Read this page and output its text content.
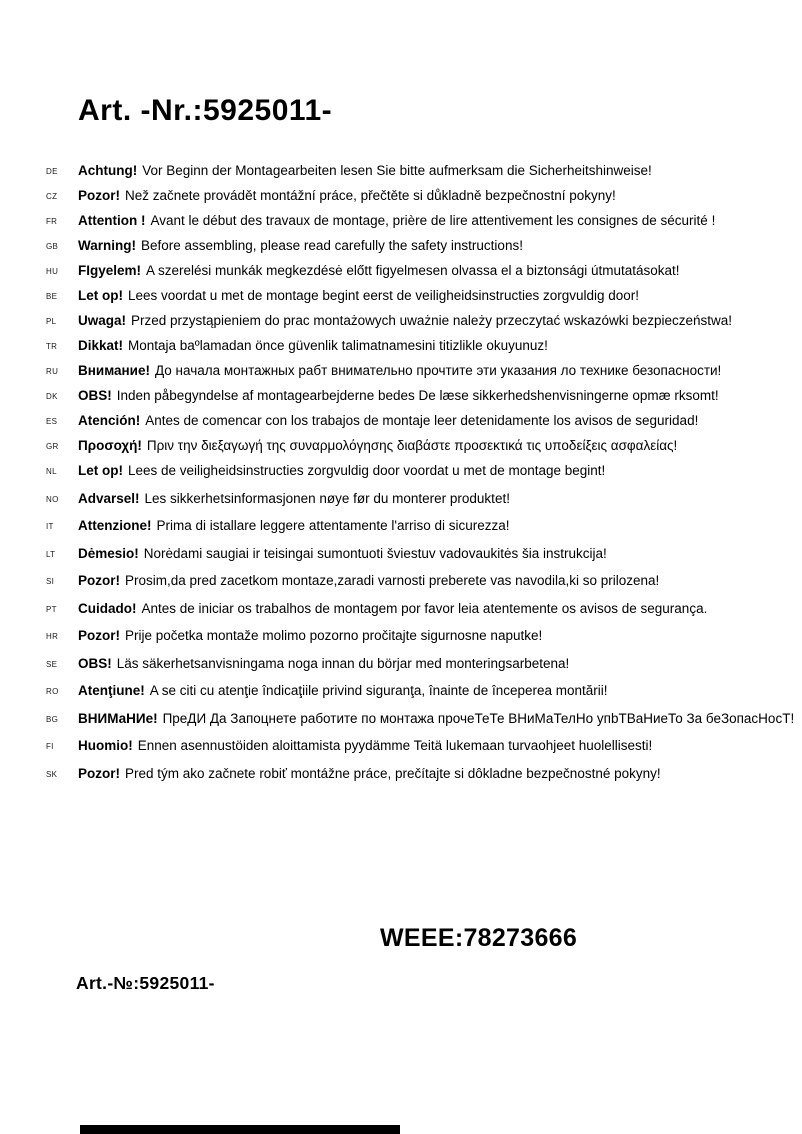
Art. -Nr.:5925011-
DE	Achtung! Vor Beginn der Montagearbeiten lesen Sie bitte aufmerksam die Sicherheitshinweise!
CZ	Pozor! Než začnete provádět montážní práce, přečtěte si důkladně bezpečnostní pokyny!
FR	Attention ! Avant le début des travaux de montage, prière de lire attentivement les consignes de sécurité !
GB	Warning! Before assembling, please read carefully the safety instructions!
HU	FIgyelem! A szerelési munkák megkezdésė előtt figyelmesen olvassa el a biztonsági útmutatásokat!
BE	Let op! Lees voordat u met de montage begint eerst de veiligheidsinstructies zorgvuldig door!
PL	Uwaga! Przed przystąpieniem do prac montażowych uważnie należy przeczytać wskazówki bezpieczeństwa!
TR	Dikkat! Montaja baºlamadan önce güvenlik talimatnamesini titizlikle okuyunuz!
RU	Внимание! До начала монтажных рабт внимательно прочтите эти указания ло технике безопасности!
DK	OBS! Inden påbegyndelse af montagearbejderne bedes De læse sikkerhedshenvisningerne opmæ rksomt!
ES	Atención! Antes de comencar con los trabajos de montaje leer detenidamente los avisos de seguridad!
GR	Προσοχή! Πριν την διεξαγωγή της συναρμολόγησης διαβάστε προσεκτικά τις υποδείξεις ασφαλείας!
NL	Let op! Lees de veiligheidsinstructies zorgvuldig door voordat u met de montage begint!
NO	Advarsel! Les sikkerhetsinformasjonen nøye før du monterer produktet!
IT	Attenzione! Prima di istallare leggere attentamente l'arriso di sicurezza!
LT	Dėmesio! Norėdami saugiai ir teisingai sumontuoti šviestuv vadovaukitės šia instrukcija!
SI	Pozor! Prosim,da pred zacetkom montaze,zaradi varnosti preberete vas navodila,ki so prilozena!
PT	Cuidado! Antes de iniciar os trabalhos de montagem por favor leia atentemente os avisos de segurança.
HR	Pozor! Prije početka montaže molimo pozorno pročitajte sigurnosne naputke!
SE	OBS! Läs säkerhetsanvisningama noga innan du börjar med monteringsarbetena!
RO	Atenţiune! A se citi cu atenţie îndicaţiile privind siguranţa, înainte de începerea montării!
BG	ВНИМаНИе! ПреДИ Да Запоцнете работите по монтажа прочеТеТе ВНиМаТелНо упbТВаНиеТо За беЗопасНосТ!
FI	Huomio! Ennen asennustöiden aloittamista pyydämme Teitä lukemaan turvaohjeet huolellisesti!
SK	Pozor! Pred tým ako začnete robiť montážne práce, prečítajte si dôkladne bezpečnostné pokyny!
WEEE:78273666
Art.-№:5925011-
